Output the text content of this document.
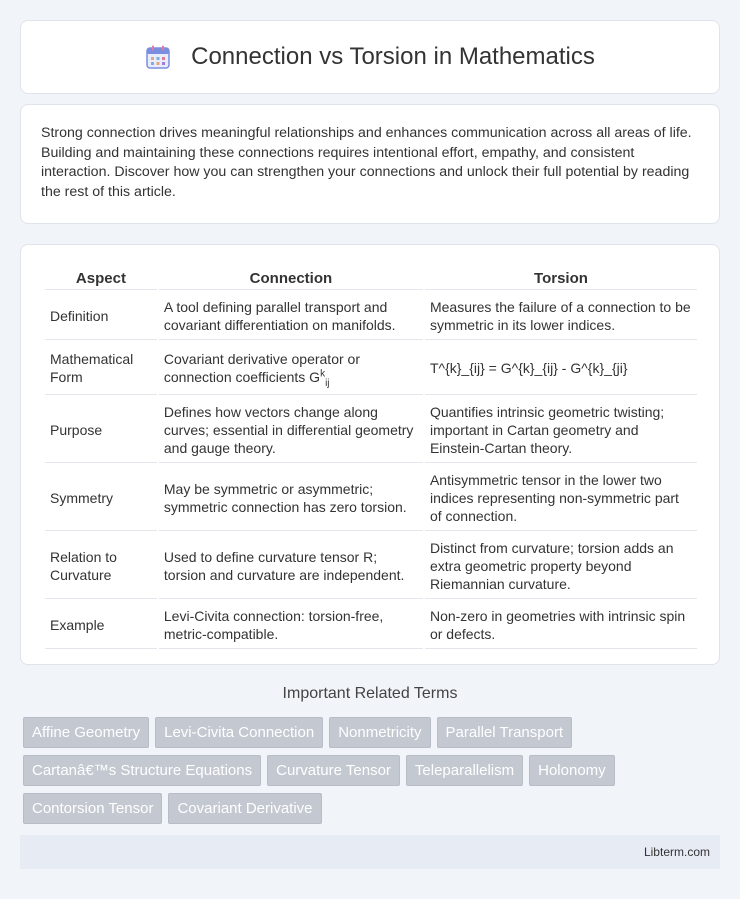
Connection vs Torsion in Mathematics

Strong connection drives meaningful relationships and enhances communication across all areas of life. Building and maintaining these connections requires intentional effort, empathy, and consistent interaction. Discover how you can strengthen your connections and unlock their full potential by reading the rest of this article.

Aspect	Connection	Torsion
Definition	A tool defining parallel transport and covariant differentiation on manifolds.	Measures the failure of a connection to be symmetric in its lower indices.
Mathematical Form	Covariant derivative operator or connection coefficients $G^k_{ij}$	T^{k}_{ij} = G^{k}_{ij} - G^{k}_{ji}
Purpose	Defines how vectors change along curves; essential in differential geometry and gauge theory.	Quantifies intrinsic geometric twisting; important in Cartan geometry and Einstein-Cartan theory.
Symmetry	May be symmetric or asymmetric; symmetric connection has zero torsion.	Antisymmetric tensor in the lower two indices representing non-symmetric part of connection.
Relation to Curvature	Used to define curvature tensor R; torsion and curvature are independent.	Distinct from curvature; torsion adds an extra geometric property beyond Riemannian curvature.
Example	Levi-Civita connection: torsion-free, metric-compatible.	Non-zero in geometries with intrinsic spin or defects.
Important Related Terms
Affine Geometry	Levi-Civita Connection	Nonmetricity	Parallel Transport
Cartanâ€™s Structure Equations	Curvature Tensor	Teleparallelism	Holonomy
Contorsion Tensor	Covariant Derivative
Libterm.com
